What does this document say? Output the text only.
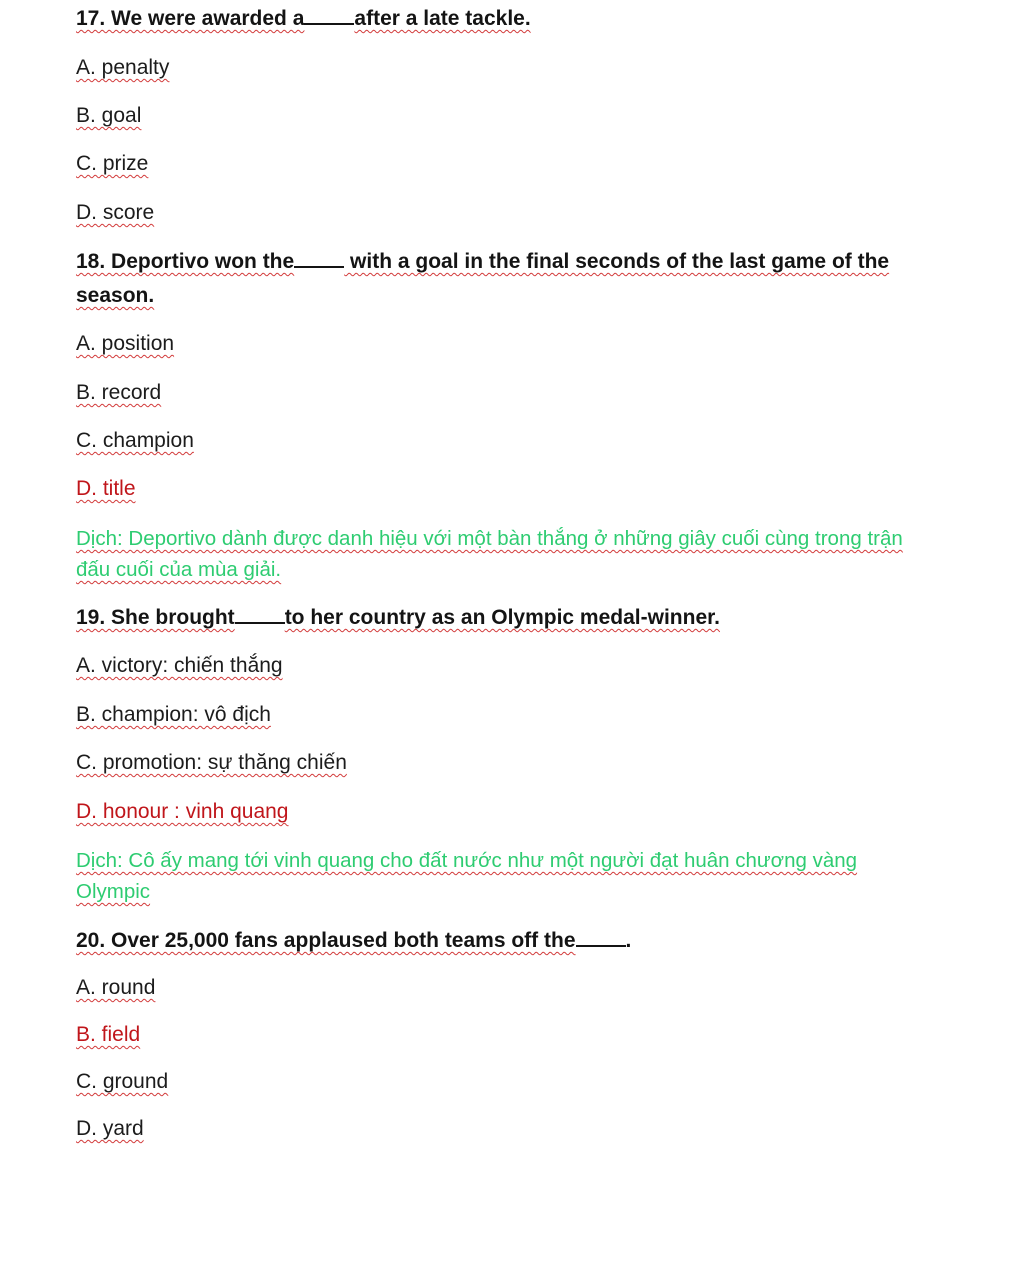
17. We were awarded a after a late tackle.
A. penalty
B. goal
C. prize
D. score
18. Deportivo won the with a goal in the final seconds of the last game of the season.
A. position
B. record
C. champion
D. title
Dịch: Deportivo dành được danh hiệu với một bàn thắng ở những giây cuối cùng trong trận đấu cuối của mùa giải.
19. She brought to her country as an Olympic medal-winner.
A. victory: chiến thắng
B. champion: vô địch
C. promotion: sự thăng chiến
D. honour : vinh quang
Dịch: Cô ấy mang tới vinh quang cho đất nước như một người đạt huân chương vàng Olympic
20. Over 25,000 fans applaused both teams off the .
A. round
B. field
C. ground
D. yard
